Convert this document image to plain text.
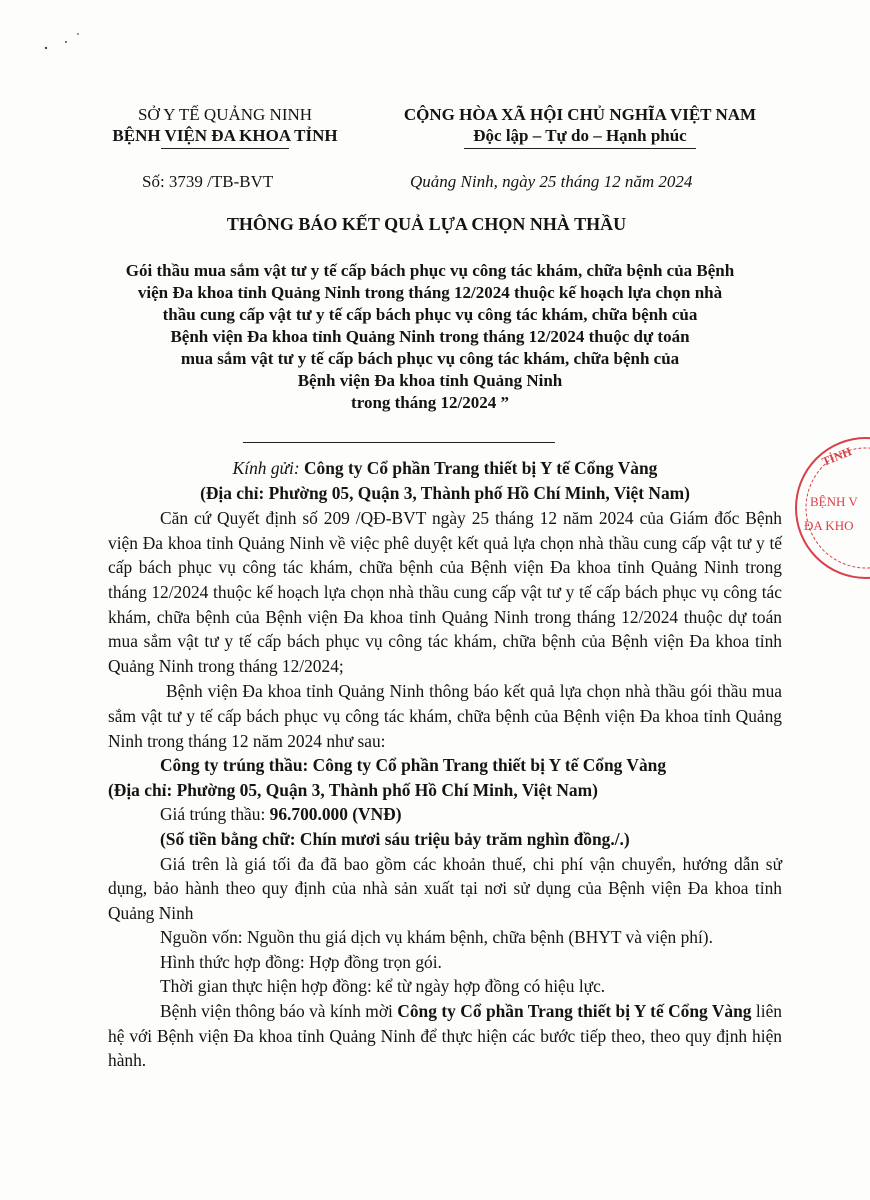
SỞ Y TẾ QUẢNG NINH
BỆNH VIỆN ĐA KHOA TỈNH
CỘNG HÒA XÃ HỘI CHỦ NGHĨA VIỆT NAM
Độc lập – Tự do – Hạnh phúc
Số: 3739 /TB-BVT	Quảng Ninh, ngày 25 tháng 12 năm 2024
THÔNG BÁO KẾT QUẢ LỰA CHỌN NHÀ THẦU
Gói thầu mua sắm vật tư y tế cấp bách phục vụ công tác khám, chữa bệnh của Bệnh
viện Đa khoa tỉnh Quảng Ninh trong tháng 12/2024 thuộc kế hoạch lựa chọn nhà
thầu cung cấp vật tư y tế cấp bách phục vụ công tác khám, chữa bệnh của
Bệnh viện Đa khoa tỉnh Quảng Ninh trong tháng 12/2024 thuộc dự toán
mua sắm vật tư y tế cấp bách phục vụ công tác khám, chữa bệnh của
Bệnh viện Đa khoa tỉnh Quảng Ninh
trong tháng 12/2024 ”

Kính gửi: Công ty Cổ phần Trang thiết bị Y tế Cổng Vàng

(Địa chỉ: Phường 05, Quận 3, Thành phố Hồ Chí Minh, Việt Nam)

Căn cứ Quyết định số 209 /QĐ-BVT ngày 25 tháng 12 năm 2024 của Giám đốc Bệnh viện Đa khoa tỉnh Quảng Ninh về việc phê duyệt kết quả lựa chọn nhà thầu cung cấp vật tư y tế cấp bách phục vụ công tác khám, chữa bệnh của Bệnh viện Đa khoa tỉnh Quảng Ninh trong tháng 12/2024 thuộc kế hoạch lựa chọn nhà thầu cung cấp vật tư y tế cấp bách phục vụ công tác khám, chữa bệnh của Bệnh viện Đa khoa tỉnh Quảng Ninh trong tháng 12/2024 thuộc dự toán mua sắm vật tư y tế cấp bách phục vụ công tác khám, chữa bệnh của Bệnh viện Đa khoa tỉnh Quảng Ninh trong tháng 12/2024;

Bệnh viện Đa khoa tỉnh Quảng Ninh thông báo kết quả lựa chọn nhà thầu gói thầu mua sắm vật tư y tế cấp bách phục vụ công tác khám, chữa bệnh của Bệnh viện Đa khoa tỉnh Quảng Ninh trong tháng 12 năm 2024 như sau:

Công ty trúng thầu: Công ty Cổ phần Trang thiết bị Y tế Cổng Vàng

(Địa chỉ: Phường 05, Quận 3, Thành phố Hồ Chí Minh, Việt Nam)

Giá trúng thầu: 96.700.000 (VNĐ)

(Số tiền bằng chữ: Chín mươi sáu triệu bảy trăm nghìn đồng./.)

Giá trên là giá tối đa đã bao gồm các khoản thuế, chi phí vận chuyển, hướng dẫn sử dụng, bảo hành theo quy định của nhà sản xuất tại nơi sử dụng của Bệnh viện Đa khoa tỉnh Quảng Ninh

Nguồn vốn: Nguồn thu giá dịch vụ khám bệnh, chữa bệnh (BHYT và viện phí).

Hình thức hợp đồng: Hợp đồng trọn gói.

Thời gian thực hiện hợp đồng: kể từ ngày hợp đồng có hiệu lực.

Bệnh viện thông báo và kính mời Công ty Cổ phần Trang thiết bị Y tế Cổng Vàng liên hệ với Bệnh viện Đa khoa tỉnh Quảng Ninh để thực hiện các bước tiếp theo, theo quy định hiện hành.

TỈNH
BỆNH V
ĐA KHO
